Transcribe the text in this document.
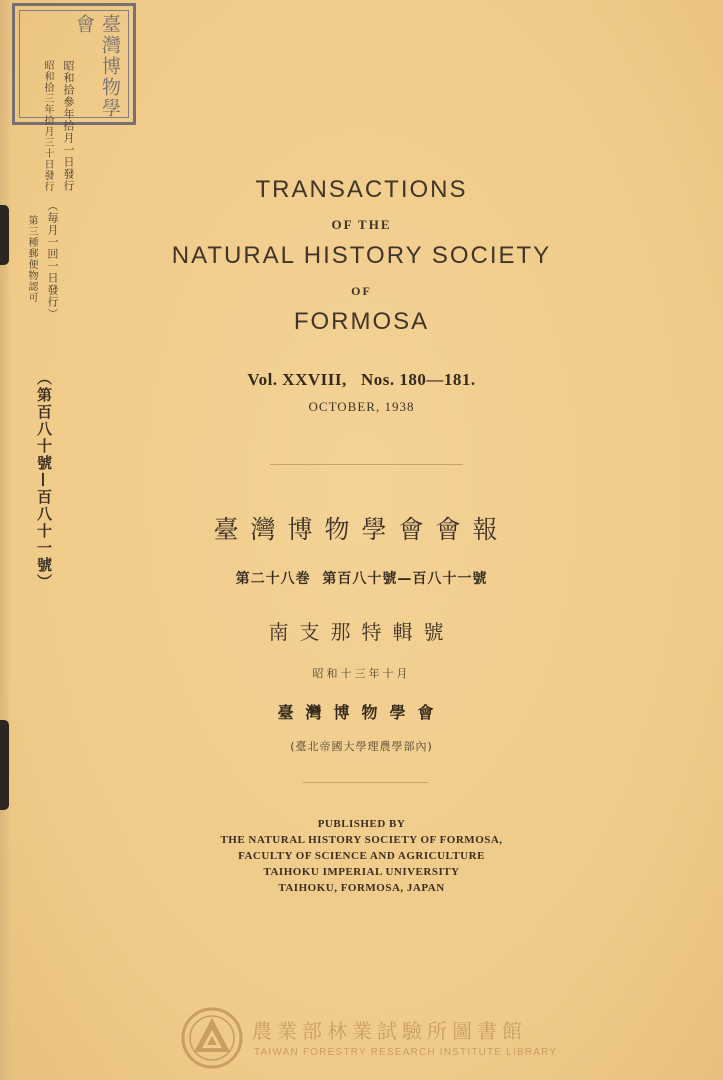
臺灣博物學會
昭和拾參年拾月一日發行
昭和拾三年拾月三十日發行
（毎月一回一日發行）
第三種郵便物認可
（第百八十號—百八十一號）
TRANSACTIONS
OF THE
NATURAL HISTORY SOCIETY
OF
FORMOSA
Vol. XXVIII,   Nos. 180—181.
OCTOBER, 1938
臺灣博物學會會報
第二十八巻  第百八十號—百八十一號
南支那特輯號
昭和十三年十月
臺灣博物學會
(臺北帝國大學理農學部內)
PUBLISHED BY
THE NATURAL HISTORY SOCIETY OF FORMOSA,
FACULTY OF SCIENCE AND AGRICULTURE
TAIHOKU IMPERIAL UNIVERSITY
TAIHOKU, FORMOSA, JAPAN
農業部林業試驗所圖書館
TAIWAN FORESTRY RESEARCH INSTITUTE LIBRARY
